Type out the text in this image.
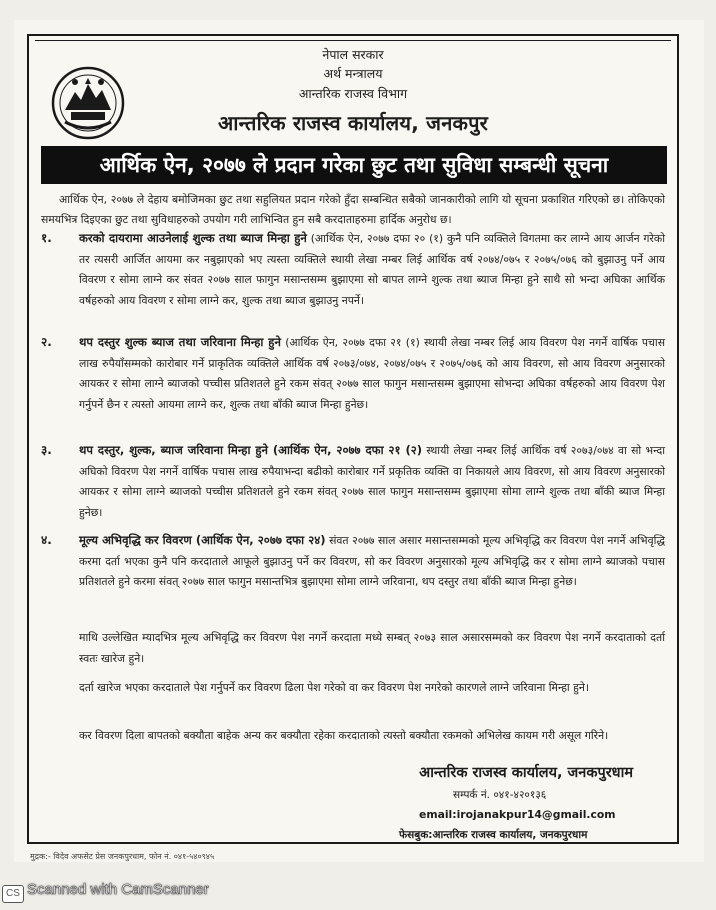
नेपाल सरकार
अर्थ मन्त्रालय
आन्तरिक राजस्व विभाग
आन्तरिक राजस्व कार्यालय, जनकपुर
आर्थिक ऐन, २०७७ ले प्रदान गरेका छुट तथा सुविधा सम्बन्धी सूचना
आर्थिक ऐन, २०७७ ले देहाय बमोजिमका छुट तथा सहुलियत प्रदान गरेको हुँदा सम्बन्धित सबैको जानकारीको लागि यो सूचना प्रकाशित गरिएको छ। तोकिएको समयभित्र दिइएका छुट तथा सुविधाहरुको उपयोग गरी लाभिन्वित हुन सबै करदाताहरुमा हार्दिक अनुरोध छ।
१.	करको दायरामा आउनेलाई शुल्क तथा ब्याज मिन्हा हुने (आर्थिक ऐन, २०७७ दफा २० (१) कुनै पनि व्यक्तिले विगतमा कर लाग्ने आय आर्जन गरेको तर त्यसरी आर्जित आयमा कर नबुझाएको भए त्यस्ता व्यक्तिले स्थायी लेखा नम्बर लिई आर्थिक वर्ष २०७४/०७५ र २०७५/०७६ को बुझाउनु पर्ने आय विवरण र सोमा लाग्ने कर संवत २०७७ साल फागुन मसान्तसम्म बुझाएमा सो बापत लाग्ने शुल्क तथा ब्याज मिन्हा हुने साथै सो भन्दा अघिका आर्थिक वर्षहरुको आय विवरण र सोमा लाग्ने कर, शुल्क तथा ब्याज बुझाउनु नपर्ने।
२.	थप दस्तुर शुल्क ब्याज तथा जरिवाना मिन्हा हुने (आर्थिक ऐन, २०७७ दफा २१ (१) स्थायी लेखा नम्बर लिई आय विवरण पेश नगर्ने वार्षिक पचास लाख रुपैयाँसम्मको कारोबार गर्ने प्राकृतिक व्यक्तिले आर्थिक वर्ष २०७३/०७४, २०७४/०७५ र २०७५/०७६ को आय विवरण, सो आय विवरण अनुसारको आयकर र सोमा लाग्ने ब्याजको पच्चीस प्रतिशतले हुने रकम संवत् २०७७ साल फागुन मसान्तसम्म बुझाएमा सोभन्दा अघिका वर्षहरुको आय विवरण पेश गर्नुपर्ने छैन र त्यस्तो आयमा लाग्ने कर, शुल्क तथा बाँकी ब्याज मिन्हा हुनेछ।
३.	थप दस्तुर, शुल्क, ब्याज जरिवाना मिन्हा हुने (आर्थिक ऐन, २०७७ दफा २१ (२) स्थायी लेखा नम्बर लिई आर्थिक वर्ष २०७३/०७४ वा सो भन्दा अघिको विवरण पेश नगर्ने वार्षिक पचास लाख रुपैयाभन्दा बढीको कारोबार गर्ने प्रकृतिक व्यक्ति वा निकायले आय विवरण, सो आय विवरण अनुसारको आयकर र सोमा लाग्ने ब्याजको पच्चीस प्रतिशतले हुने रकम संवत् २०७७ साल फागुन मसान्तसम्म बुझाएमा सोमा लाग्ने शुल्क तथा बाँकी ब्याज मिन्हा हुनेछ।
४.	मूल्य अभिवृद्धि कर विवरण (आर्थिक ऐन, २०७७ दफा २४) संवत २०७७ साल असार मसान्तसम्मको मूल्य अभिवृद्धि कर विवरण पेश नगर्ने अभिवृद्धि करमा दर्ता भएका कुनै पनि करदाताले आफूले बुझाउनु पर्ने कर विवरण, सो कर विवरण अनुसारको मूल्य अभिवृद्धि कर र सोमा लाग्ने ब्याजको पचास प्रतिशतले हुने करमा संवत् २०७७ साल फागुन मसान्तभित्र बुझाएमा सोमा लाग्ने जरिवाना, थप दस्तुर तथा बाँकी ब्याज मिन्हा हुनेछ।
माथि उल्लेखित म्यादभित्र मूल्य अभिवृद्धि कर विवरण पेश नगर्ने करदाता मध्ये सम्बत् २०७३ साल असारसम्मको कर विवरण पेश नगर्ने करदाताको दर्ता स्वतः खारेज हुने।
दर्ता खारेज भएका करदाताले पेश गर्नुपर्ने कर विवरण ढिला पेश गरेको वा कर विवरण पेश नगरेको कारणले लाग्ने जरिवाना मिन्हा हुने।
कर विवरण दिला बापतको बक्यौता बाहेक अन्य कर बक्यौता रहेका करदाताको त्यस्तो बक्यौता रकमको अभिलेख कायम गरी असूल गरिने।
आन्तरिक राजस्व कार्यालय, जनकपुरधाम
सम्पर्क नं. ०४१-४२०१३६
email:irojanakpur14@gmail.com
फेसबुक:आन्तरिक राजस्व कार्यालय, जनकपुरधाम
मुद्रक:- विदेव अफसेट प्रेस जनकपुरधाम, फोन नं. ०४१-५४०९४५
CS Scanned with CamScanner
